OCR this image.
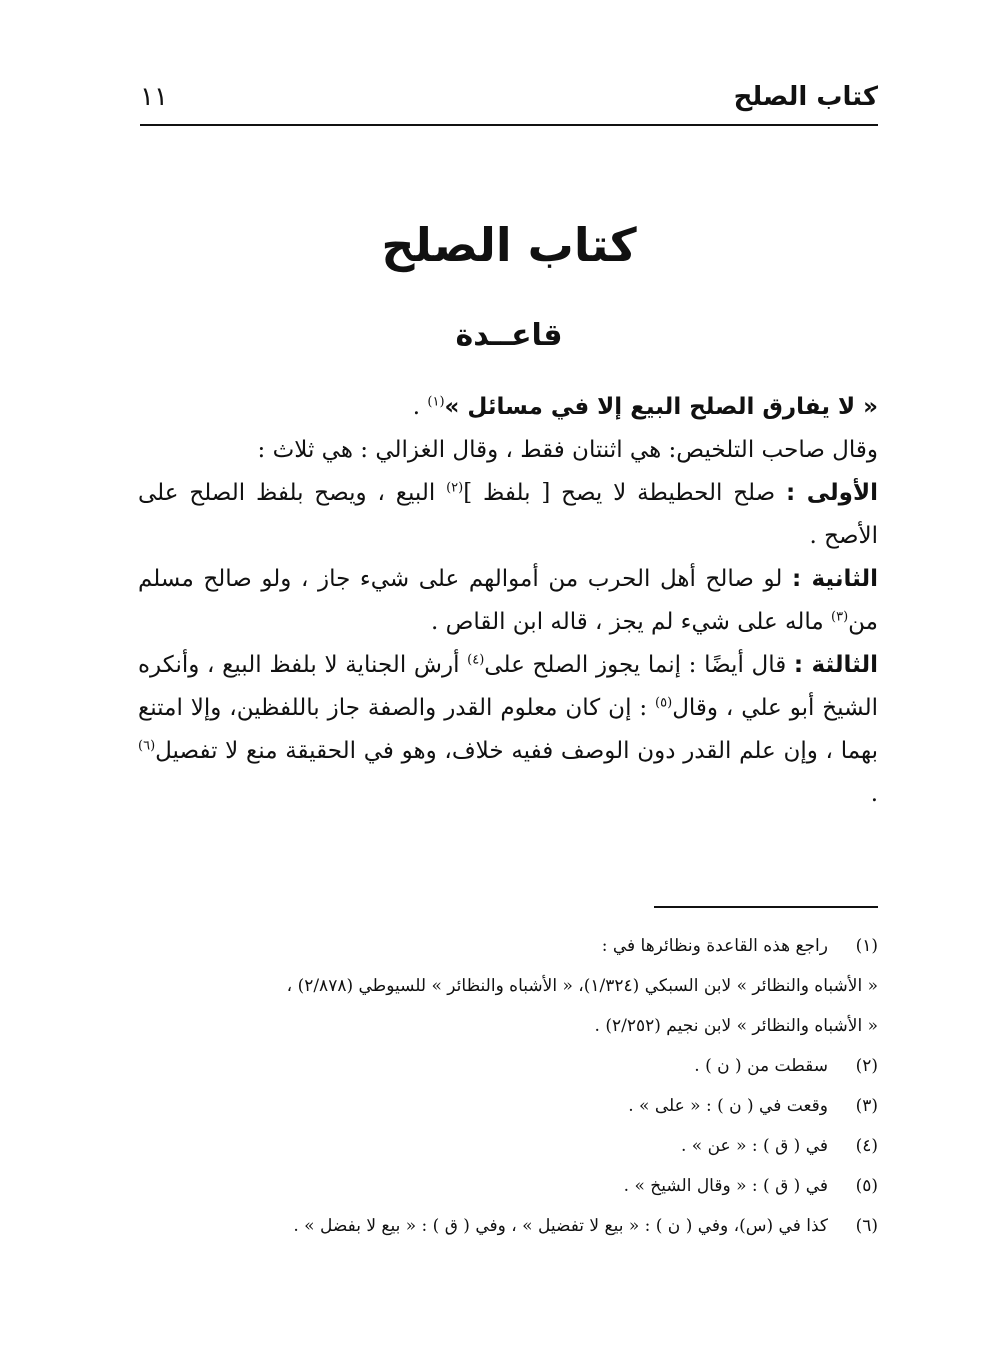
كتاب الصلح
١١
كتاب الصلح
قاعــدة

« لا يفارق الصلح البيع إلا في مسائل »$^{(١)}$ .

وقال صاحب التلخيص: هي اثنتان فقط ، وقال الغزالي : هي ثلاث :

الأولى : صلح الحطيطة لا يصح [ بلفظ ]$^{(٢)}$ البيع ، ويصح بلفظ الصلح على الأصح .

الثانية : لو صالح أهل الحرب من أموالهم على شيء جاز ، ولو صالح مسلم من$^{(٣)}$ ماله على شيء لم يجز ، قاله ابن القاص .

الثالثة : قال أيضًا : إنما يجوز الصلح على$^{(٤)}$ أرش الجناية لا بلفظ البيع ، وأنكره الشيخ أبو علي ، وقال$^{(٥)}$ : إن كان معلوم القدر والصفة جاز باللفظين، وإلا امتنع بهما ، وإن علم القدر دون الوصف ففيه خلاف، وهو في الحقيقة منع لا تفصيل$^{(٦)}$ .

(١)
راجع هذه القاعدة ونظائرها في :
« الأشباه والنظائر » لابن السبكي (١/٣٢٤)، « الأشباه والنظائر » للسيوطي (٢/٨٧٨) ،
« الأشباه والنظائر » لابن نجيم (٢/٢٥٢) .
(٢)
سقطت من ( ن ) .
(٣)
وقعت في ( ن ) : « على » .
(٤)
في ( ق ) : « عن » .
(٥)
في ( ق ) : « وقال الشيخ » .
(٦)
كذا في (س)، وفي ( ن ) : « بيع لا تفضيل » ، وفي ( ق ) : « بيع لا بفضل » .
